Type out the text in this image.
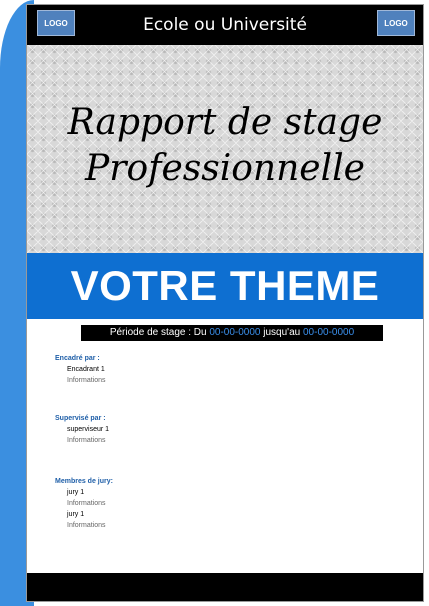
LOGO	Ecole ou Université	LOGO
Rapport de stage
Professionnelle
VOTRE THEME
Période de stage : Du 00-00-0000 jusqu'au 00-00-0000
Encadré par :
Encadrant 1
Informations
Supervisé par :
superviseur 1
Informations
Membres de jury:
jury 1
Informations
jury 1
Informations
